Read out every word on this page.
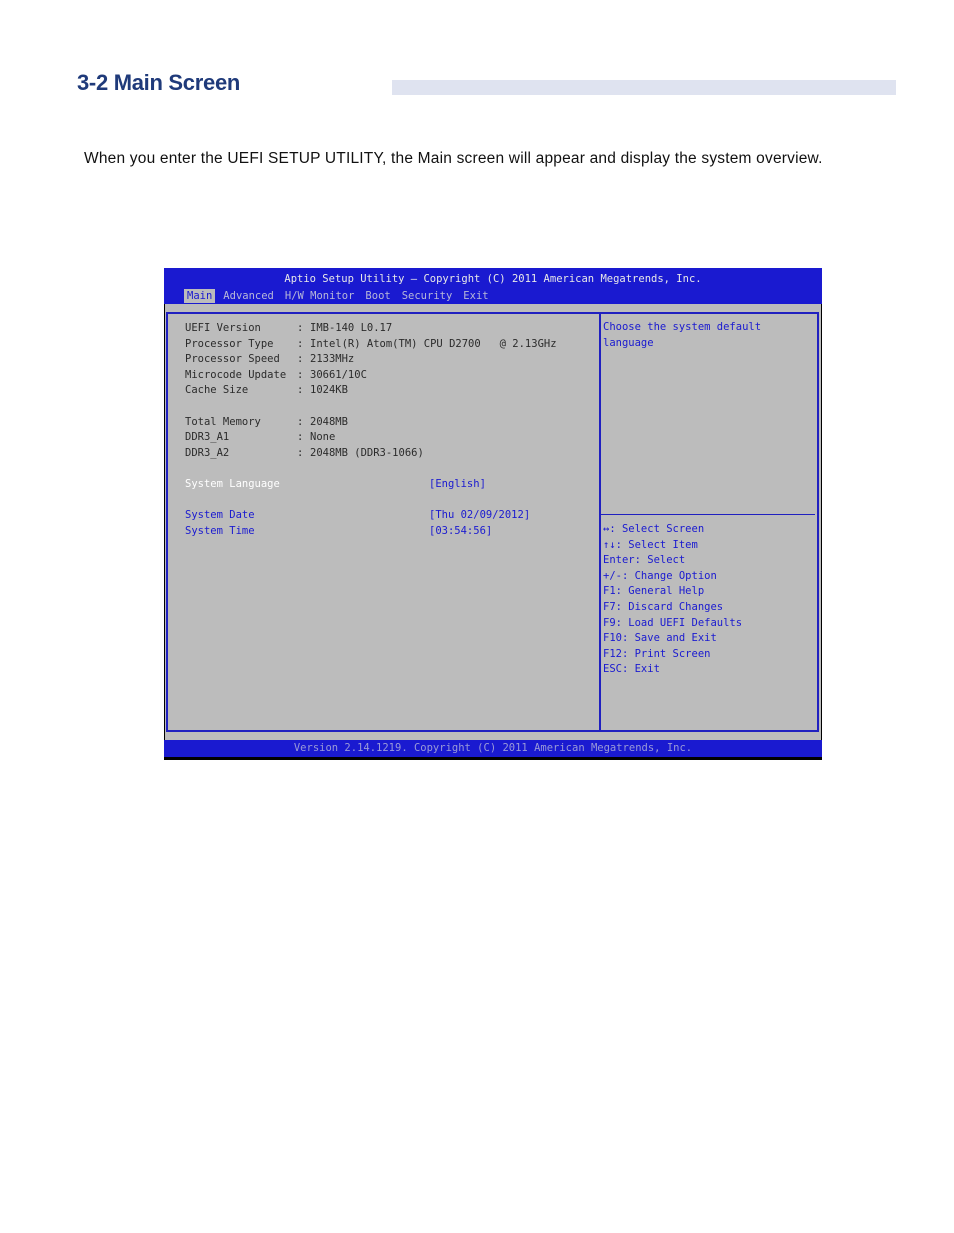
3-2 Main Screen
When you enter the UEFI SETUP UTILITY, the Main screen will appear and display the system overview.
Aptio Setup Utility – Copyright (C) 2011 American Megatrends, Inc.
Main Advanced H/W Monitor Boot Security Exit
UEFI Version	: IMB-140 L0.17
Processor Type : Intel(R) Atom(TM) CPU D2700   @ 2.13GHz
Processor Speed : 2133MHz
Microcode Update : 30661/10C
Cache Size	: 1024KB
Total Memory	: 2048MB
DDR3_A1	: None
DDR3_A2	: 2048MB (DDR3-1066)
System Language	[English]
System Date	[Thu 02/09/2012]
System Time	[03:54:56]
Choose the system default language
↔: Select Screen
↑↓: Select Item
Enter: Select
+/-: Change Option
F1: General Help
F7: Discard Changes
F9: Load UEFI Defaults
F10: Save and Exit
F12: Print Screen
ESC: Exit
Version 2.14.1219. Copyright (C) 2011 American Megatrends, Inc.
